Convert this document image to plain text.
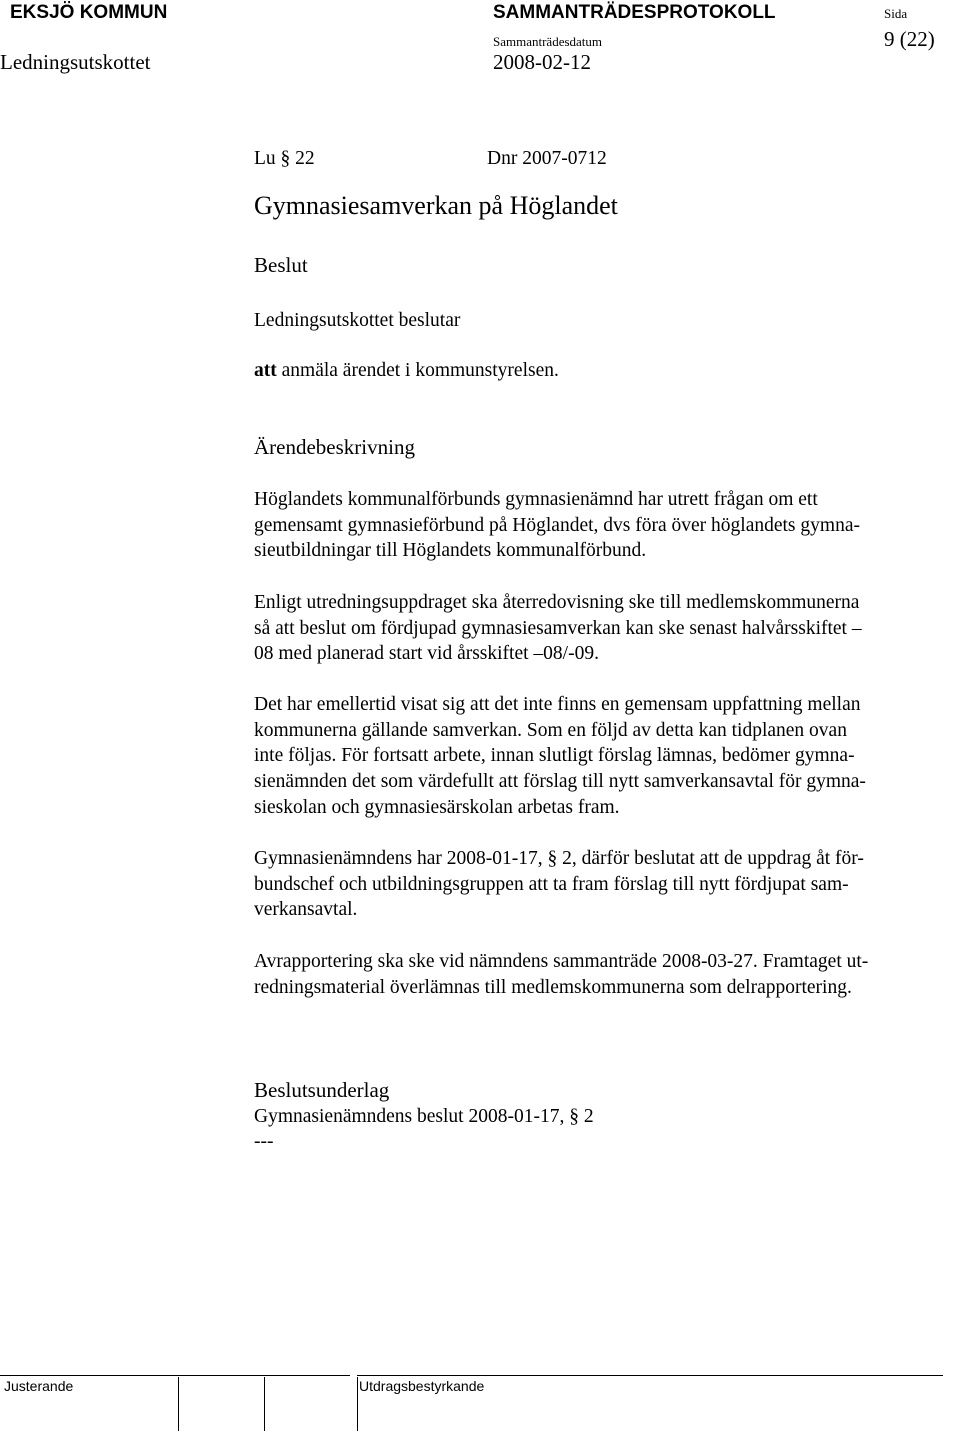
EKSJÖ KOMMUN	SAMMANTRÄDESPROTOKOLL	Sida
9 (22)
Ledningsutskottet
Sammanträdesdatum
2008-02-12
Lu § 22	Dnr 2007-0712
Gymnasiesamverkan på Höglandet
Beslut
Ledningsutskottet beslutar
att anmäla ärendet i kommunstyrelsen.
Ärendebeskrivning
Höglandets kommunalförbunds gymnasienämnd har utrett frågan om ett
gemensamt gymnasieförbund på Höglandet, dvs föra över höglandets gymna-
sieutbildningar till Höglandets kommunalförbund.
Enligt utredningsuppdraget ska återredovisning ske till medlemskommunerna
så att beslut om fördjupad gymnasiesamverkan kan ske senast halvårsskiftet –
08 med planerad start vid årsskiftet –08/-09.
Det har emellertid visat sig att det inte finns en gemensam uppfattning mellan
kommunerna gällande samverkan. Som en följd av detta kan tidplanen ovan
inte följas. För fortsatt arbete, innan slutligt förslag lämnas, bedömer gymna-
sienämnden det som värdefullt att förslag till nytt samverkansavtal för gymna-
sieskolan och gymnasiesärskolan arbetas fram.
Gymnasienämndens har 2008-01-17, § 2, därför beslutat att de uppdrag åt för-
bundschef och utbildningsgruppen att ta fram förslag till nytt fördjupat sam-
verkansavtal.
Avrapportering ska ske vid nämndens sammanträde 2008-03-27. Framtaget ut-
redningsmaterial överlämnas till medlemskommunerna som delrapportering.
Beslutsunderlag
Gymnasienämndens beslut 2008-01-17, § 2
---
Justerande	Utdragsbestyrkande
